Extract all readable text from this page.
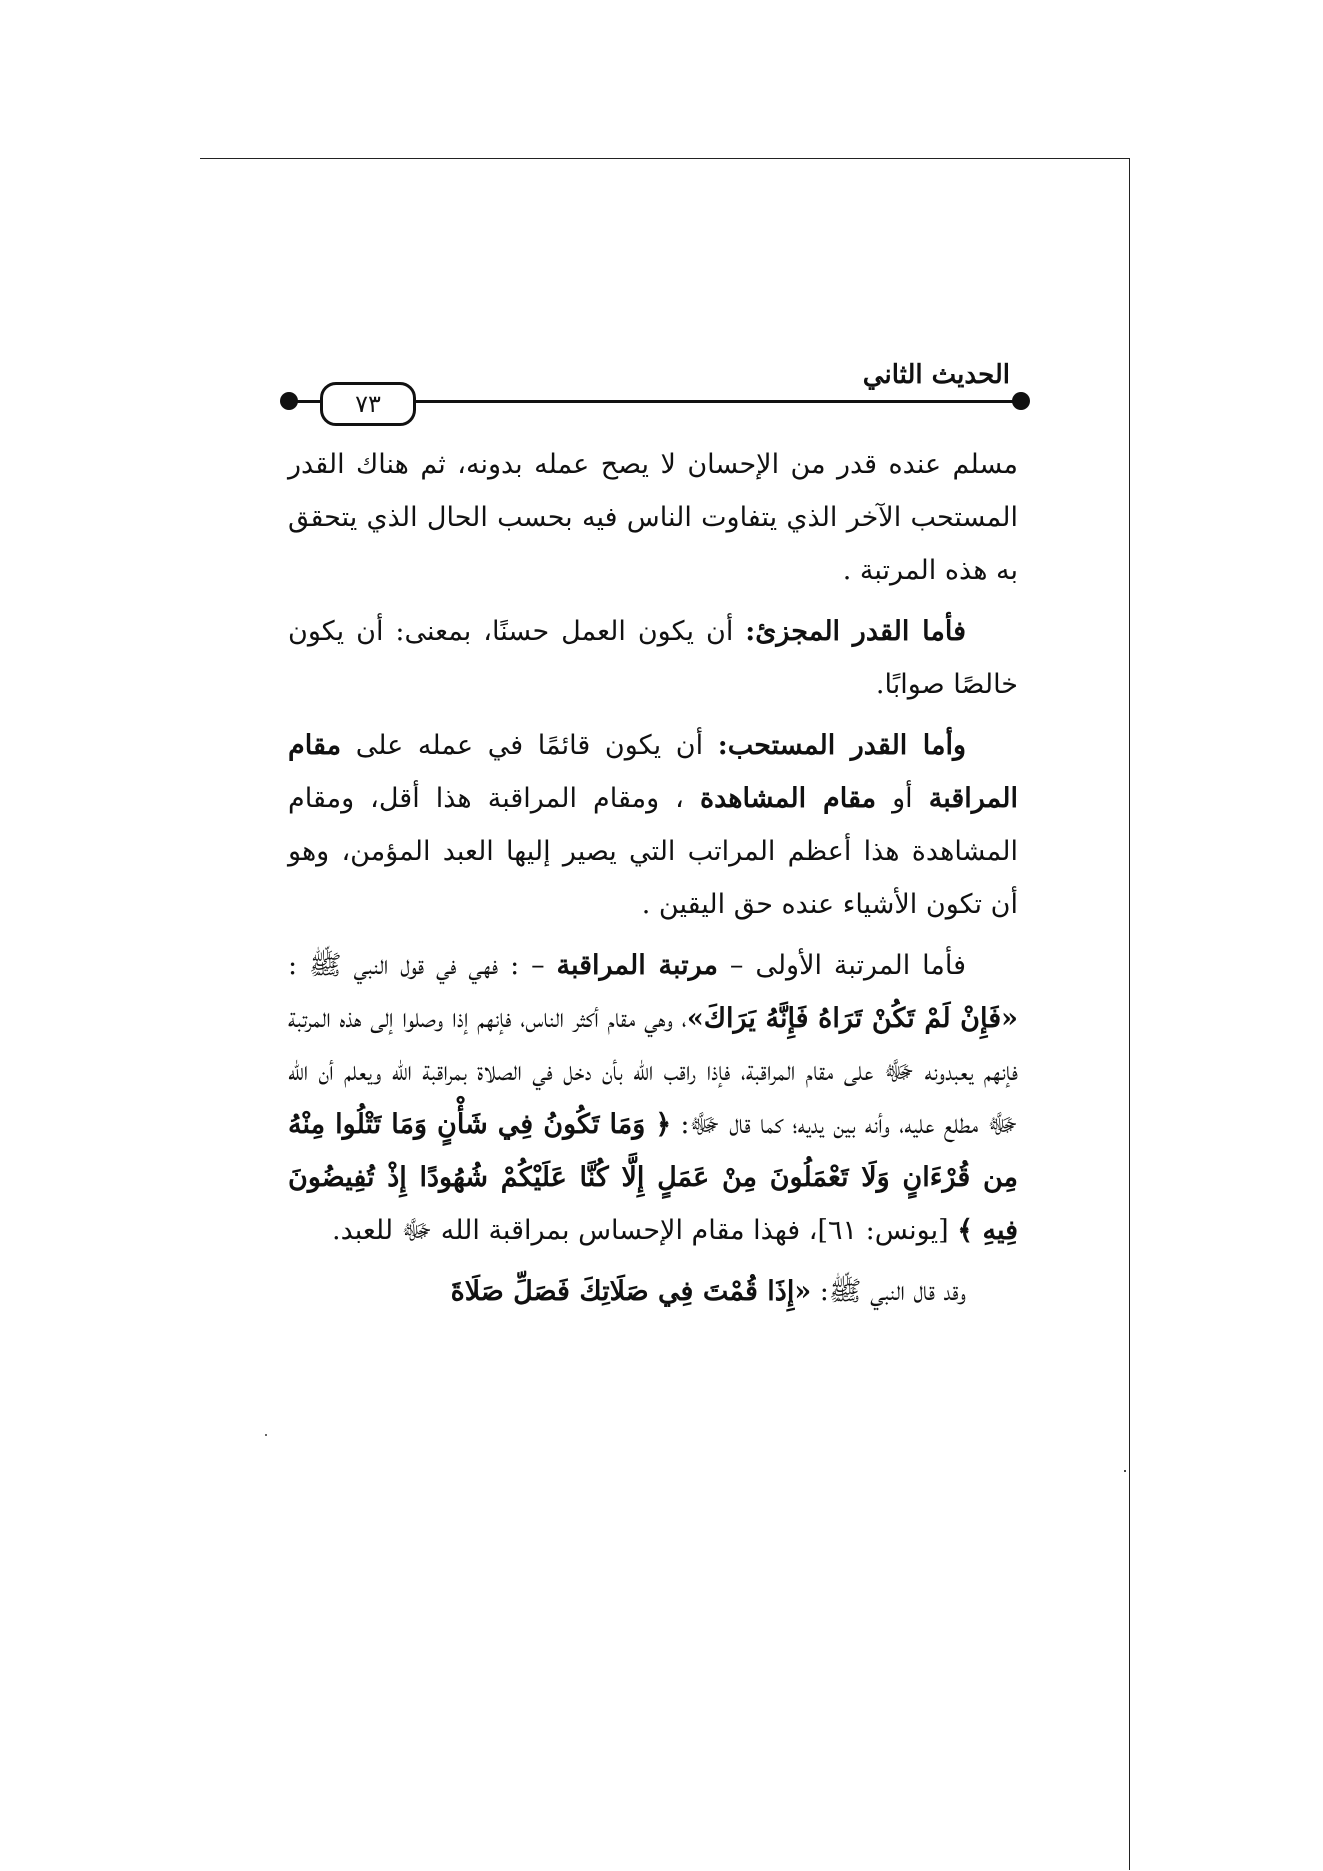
٧٣
الحديث الثاني

مسلم عنده قدر من الإحسان لا يصح عمله بدونه، ثم هناك القدر المستحب الآخر الذي يتفاوت الناس فيه بحسب الحال الذي يتحقق به هذه المرتبة .

فأما القدر المجزئ: أن يكون العمل حسنًا، بمعنى: أن يكون خالصًا صوابًا.

وأما القدر المستحب: أن يكون قائمًا في عمله على مقام المراقبة أو مقام المشاهدة ، ومقام المراقبة هذا أقل، ومقام المشاهدة هذا أعظم المراتب التي يصير إليها العبد المؤمن، وهو أن تكون الأشياء عنده حق اليقين .

فأما المرتبة الأولى – مرتبة المراقبة – : فهي في قول النبي ﷺ : «فَإِنْ لَمْ تَكُنْ تَرَاهُ فَإِنَّهُ يَرَاكَ»، وهي مقام أكثر الناس، فإنهم إذا وصلوا إلى هذه المرتبة فإنهم يعبدونه ﷻ على مقام المراقبة، فإذا راقب الله بأن دخل في الصلاة بمراقبة الله ويعلم أن الله ﷻ مطلع عليه، وأنه بين يديه؛ كما قال ﷻ: ﴿ وَمَا تَكُونُ فِي شَأْنٍ وَمَا تَتْلُوا مِنْهُ مِن قُرْءَانٍ وَلَا تَعْمَلُونَ مِنْ عَمَلٍ إِلَّا كُنَّا عَلَيْكُمْ شُهُودًا إِذْ تُفِيضُونَ فِيهِ ﴾ [يونس: ٦١]، فهذا مقام الإحساس بمراقبة الله ﷻ للعبد.

وقد قال النبي ﷺ: «إِذَا قُمْتَ فِي صَلَاتِكَ فَصَلِّ صَلَاةَ
